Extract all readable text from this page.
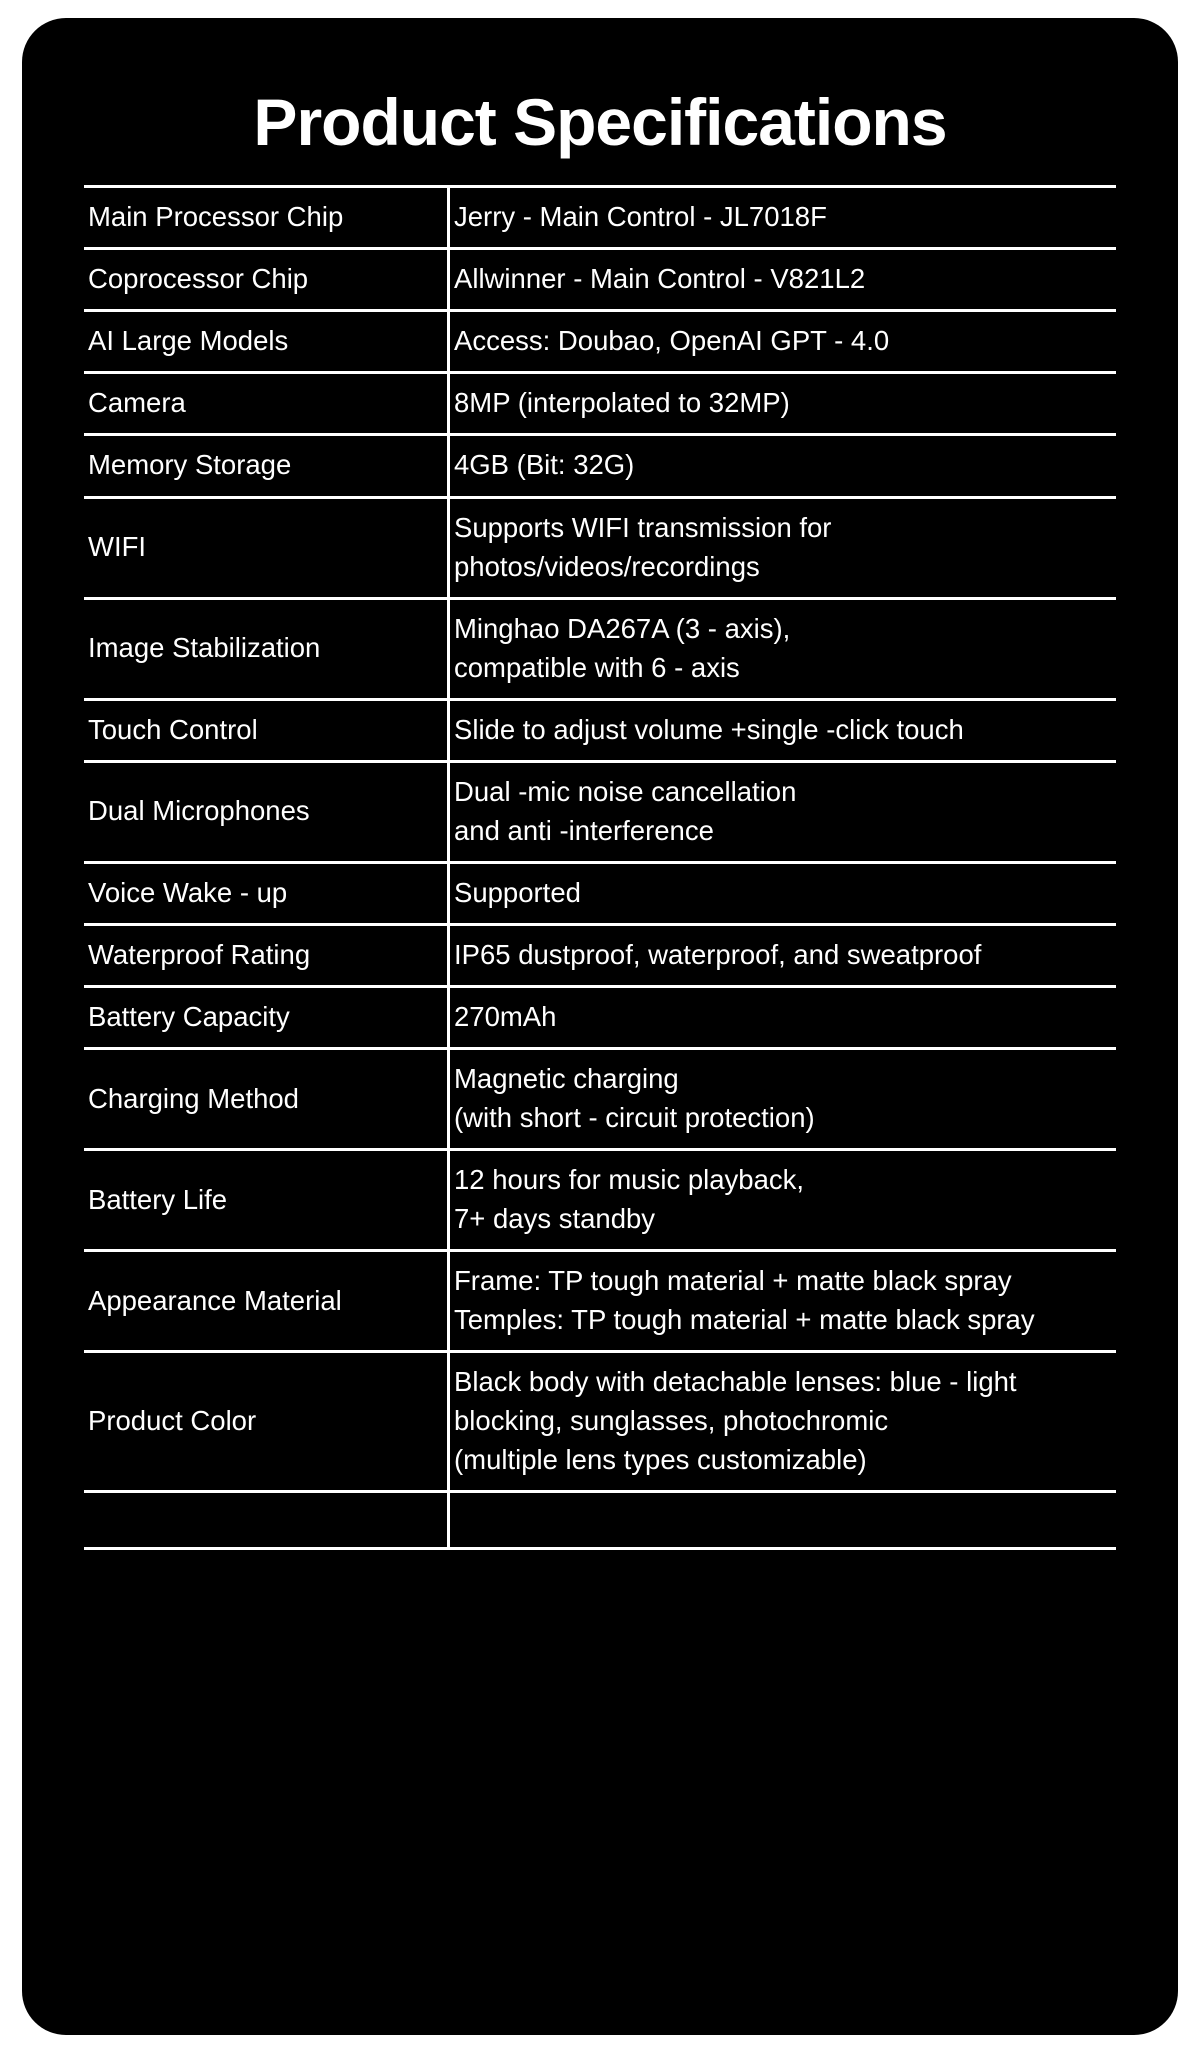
Product Specifications
Main Processor Chip	Jerry - Main Control - JL7018F

Coprocessor Chip	Allwinner - Main Control - V821L2

AI Large Models	Access: Doubao, OpenAI GPT - 4.0

Camera	8MP (interpolated to 32MP)

Memory Storage	4GB (Bit: 32G)

WIFI	Supports WIFI transmission for
photos/videos/recordings

Image Stabilization	Minghao DA267A (3 - axis),
compatible with 6 - axis

Touch Control	Slide to adjust volume +single -click touch

Dual Microphones	Dual -mic noise cancellation
and anti -interference

Voice Wake - up	Supported

Waterproof Rating	IP65 dustproof, waterproof, and sweatproof

Battery Capacity	270mAh

Charging Method	Magnetic charging
(with short - circuit protection)

Battery Life	12 hours for music playback,
7+ days standby

Appearance Material	Frame: TP tough material + matte black spray
Temples: TP tough material + matte black spray

Product Color	Black body with detachable lenses: blue - light
blocking, sunglasses, photochromic
(multiple lens types customizable)
